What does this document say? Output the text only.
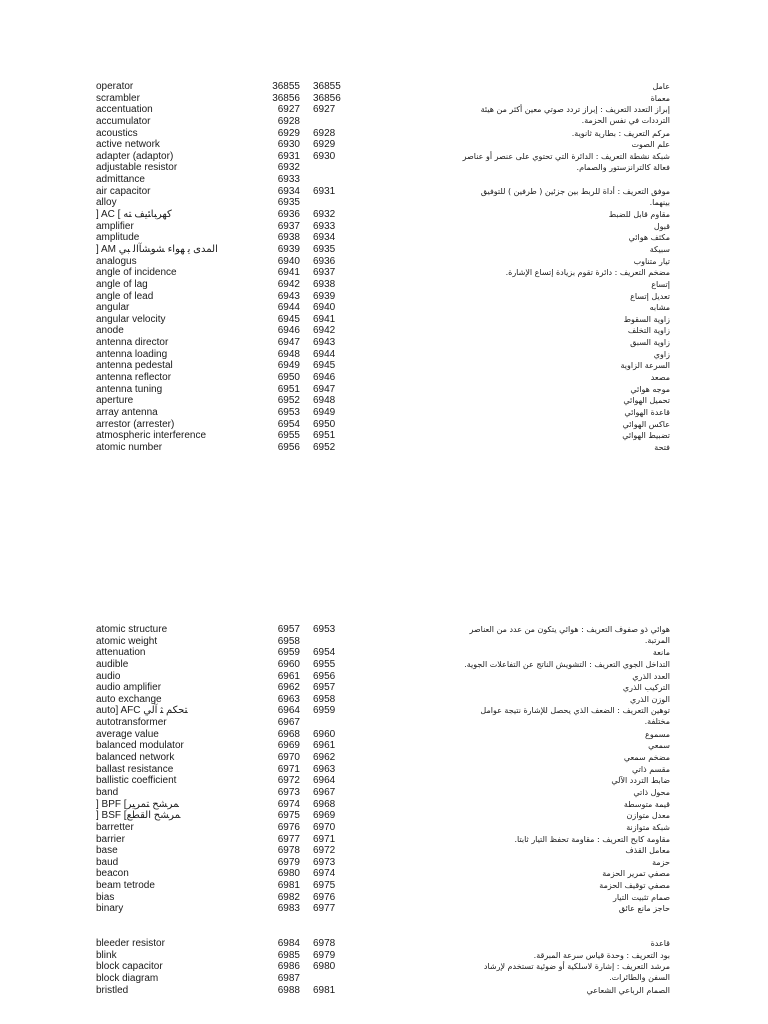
operator	36855 36855	عامل
scrambler	36856 36856	معماة
accentuation	6927 6927	إبراز التعدد التعريف : إبراز تردد صوتي معين أكثر من هيئة الترددات في نفس الحزمة.
accumulator	6928
acoustics	6929 6928	مركم التعريف : بطارية ثانوية.
active network	6930 6929	علم الصوت
adapter (adaptor)	6931 6930	شبكة نشطة التعريف : الدائرة التي تحتوي على عنصر أو عناصر فعالة كالترانزستور والصمام.
adjustable resistor	6932
admittance	6933
air capacitor	6934 6931	موفق التعريف : أداة للربط بين جزئين ( طرفين ) للتوفيق بينهما.
alloy	6935
] AC [ ﻛﻬﺮﺒﺎﺌﻴﻒ ﺘﻪ	6936 6932	مقاوم قابل للضبط
amplifier	6937 6933	قبول
amplitude	6938 6934	مكثف هوائي
] AM ﺍﻟﻤﺪﻯ ﻳ ﻬﻮﺍﺀ ﺸﻮﺸﺂﺍﻟ ﺒﻲ	6939 6935	سبيكة
analogus	6940 6936	تيار متناوب
angle of incidence	6941 6937	مضخم التعريف : دائرة تقوم بزيادة إتساع الإشارة.
angle of lag	6942 6938	إتساع
angle of lead	6943 6939	تعديل إتساع
angular	6944 6940	مشابه
angular velocity	6945 6941	زاوية السقوط
anode	6946 6942	زاوية التخلف
antenna director	6947 6943	زاوية السبق
antenna loading	6948 6944	زاوي
antenna pedestal	6949 6945	السرعة الزاوية
antenna reflector	6950 6946	مصعد
antenna tuning	6951 6947	موجه هوائي
aperture	6952 6948	تحميل الهوائي
array antenna	6953 6949	قاعدة الهوائي
arrestor (arrester)	6954 6950	عاكس الهوائي
atmospheric interference	6955 6951	تضبيط الهوائي
atomic number	6956 6952	فتحة
atomic structure	6957 6953	هوائي ذو صفوف التعريف : هوائي يتكون من عدد من العناصر المرتبة.
atomic weight	6958
attenuation	6959 6954	مانعة
audible	6960 6955	التداخل الجوي التعريف : التشويش الناتج عن التفاعلات الجوية.
audio	6961 6956	العدد الذري
audio amplifier	6962 6957	التركيب الذري
auto exchange	6963 6958	الوزن الذري
auto] AFC ﺘﺤﻜﻢ ﺜ ﺁﻟﻲ	6964 6959	توهين التعريف : الضعف الذي يحصل للإشارة نتيجة عوامل مختلفة.
autotransformer	6967
average value	6968 6960	مسموع
balanced modulator	6969 6961	سمعي
balanced network	6970 6962	مضخم سمعي
ballast resistance	6971 6963	مقسم ذاتي
ballistic coefficient	6972 6964	ضابط التردد الآلي
band	6973 6967	محول ذاتي
] BPF [ﻤﺮﺸﺢ ﺘﻤﺮﻴﺮ	6974 6968	قيمة متوسطة
] BSF [ﻤﺮﺸﺢ ﺍﻟﻘﻄﻊ	6975 6969	معدل متوازن
barretter	6976 6970	شبكة متوازنة
barrier	6977 6971	مقاومة كابح التعريف : مقاومة تحفظ التيار ثابتا.
base	6978 6972	معامل القذف
baud	6979 6973	حزمة
beacon	6980 6974	مصفي تمرير الحزمة
beam tetrode	6981 6975	مصفي توقيف الحزمة
bias	6982 6976	صمام تثبيت التيار
binary	6983 6977	حاجز مانع عائق
bleeder resistor	6984 6978	قاعدة
blink	6985 6979	بود التعريف : وحدة قياس سرعة المبرقة.
block capacitor	6986 6980	مرشد التعريف : إشارة لاسلكية أو ضوئية تستخدم لإرشاد السفن والطائرات.
block diagram	6987
bristled	6988 6981	الصمام الرباعي الشعاعي
